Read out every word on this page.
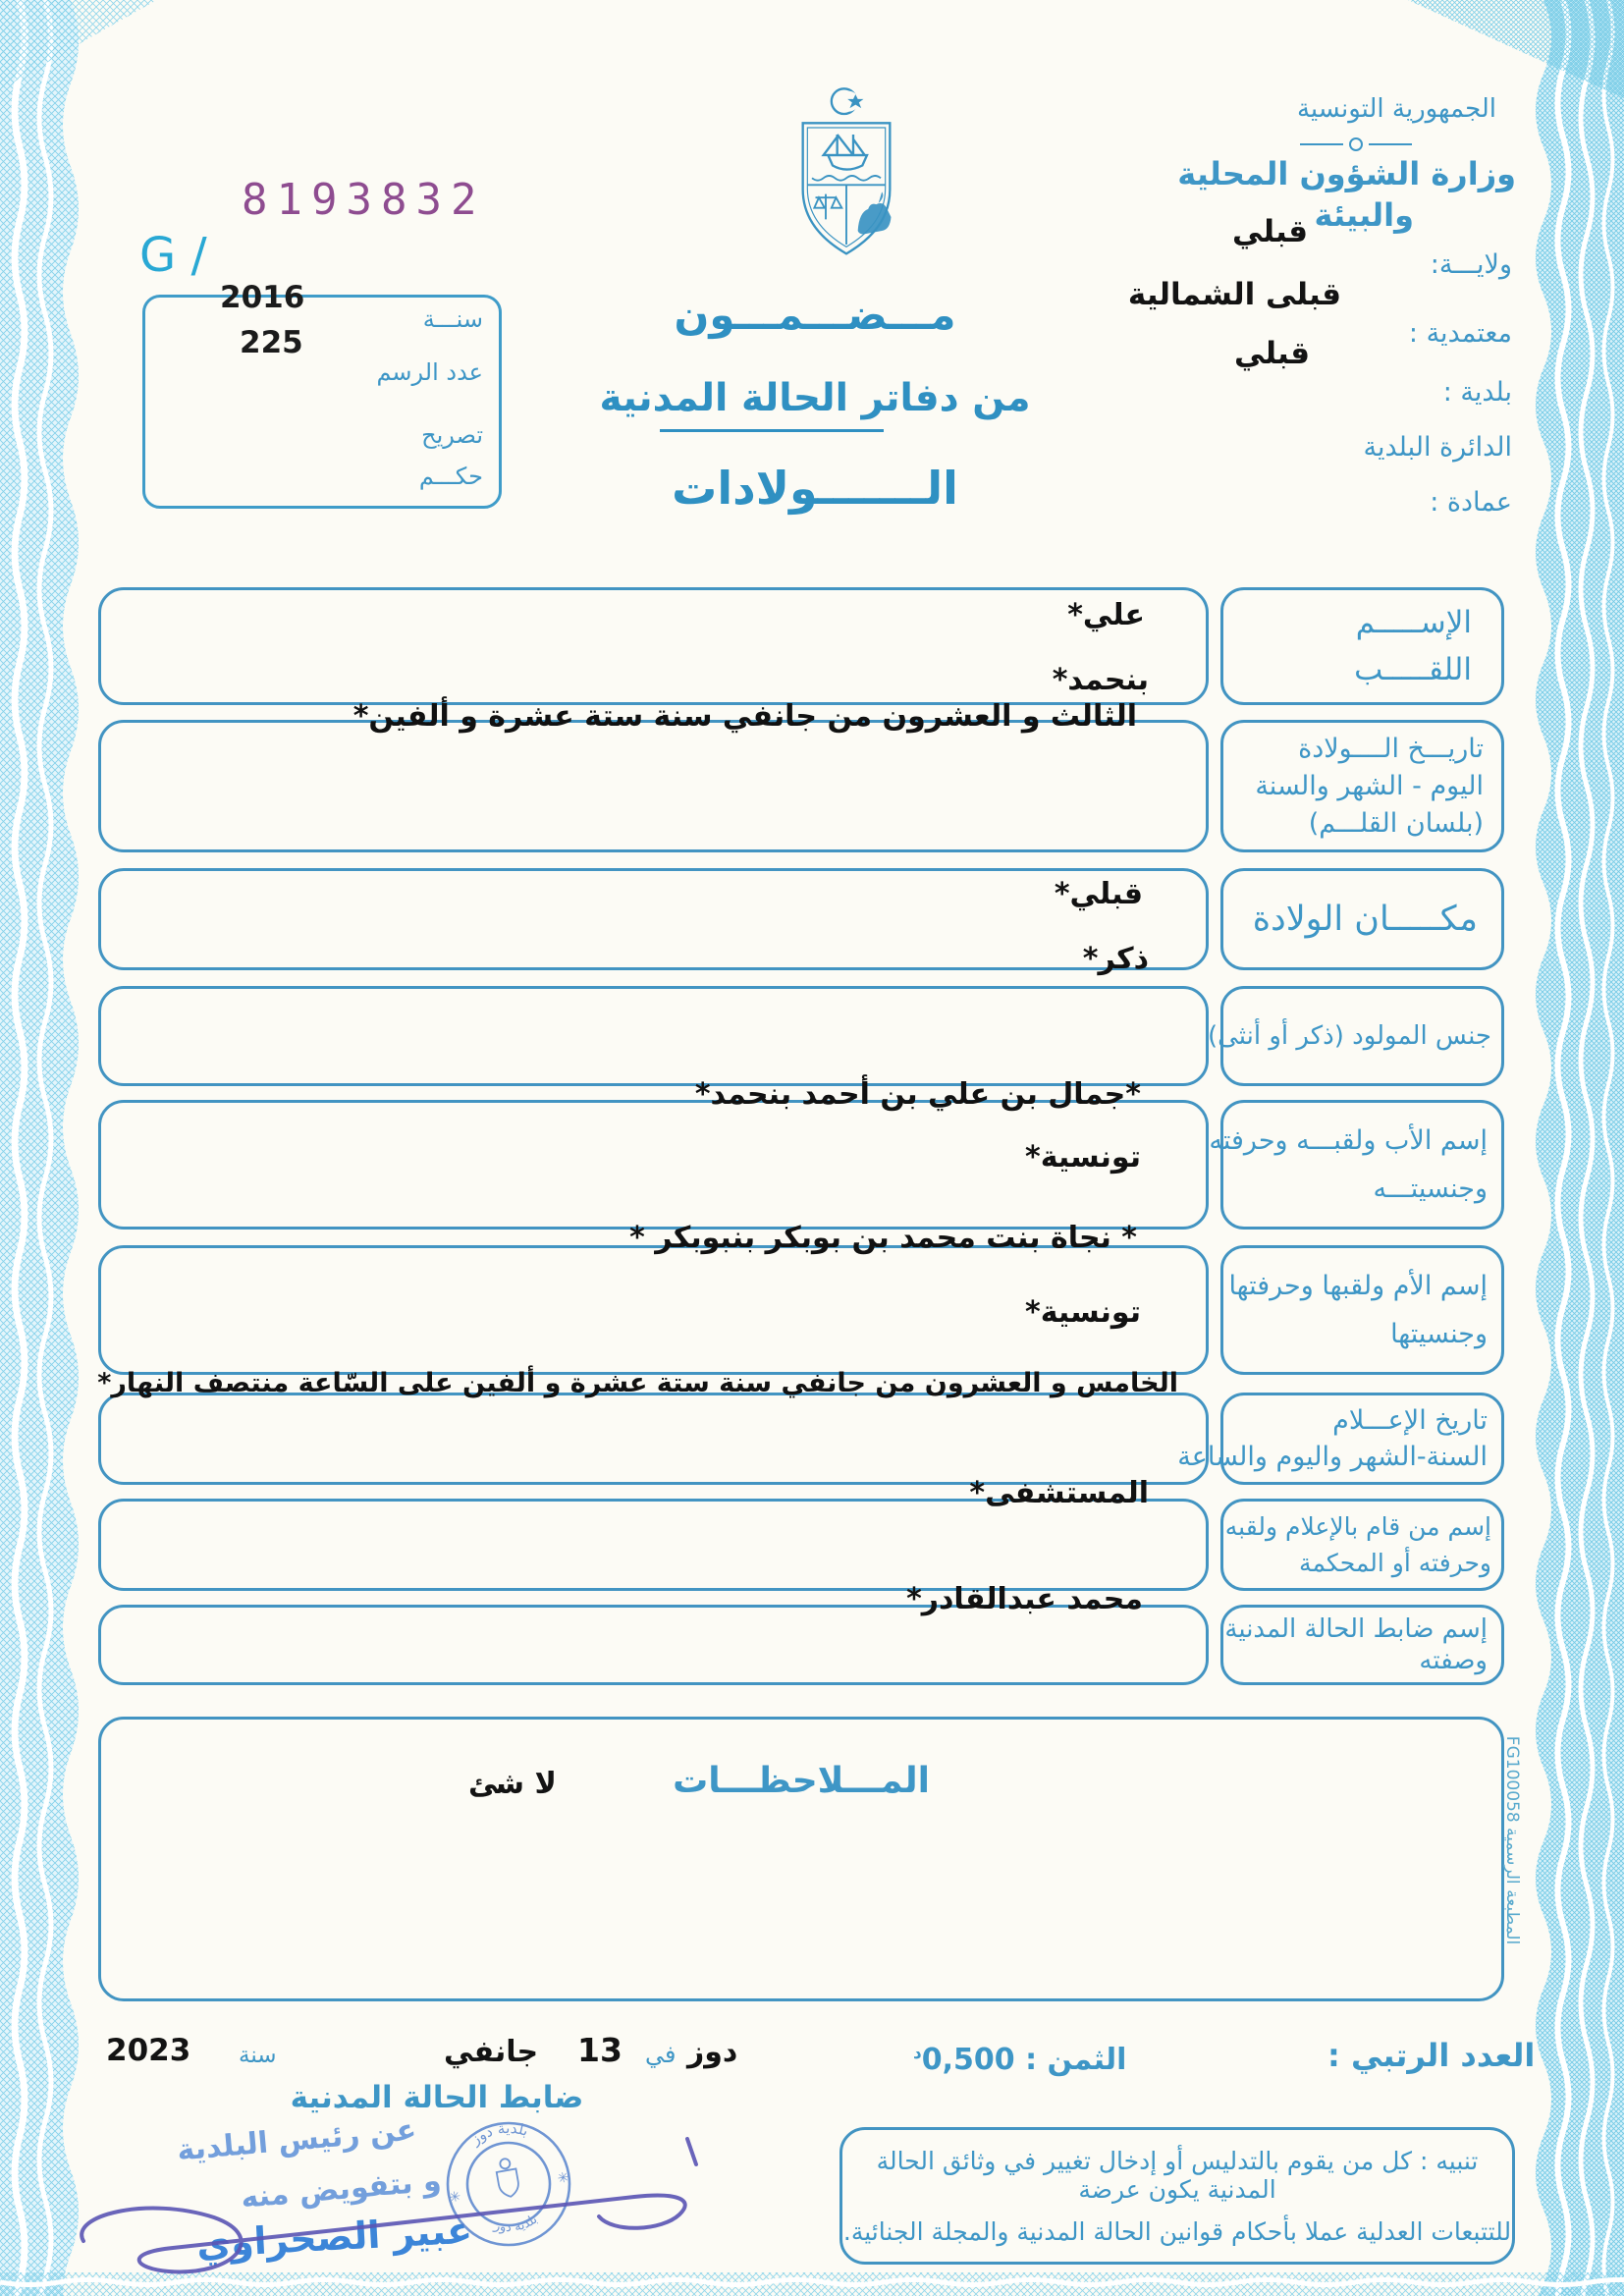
8193832
G /
2016
225
سنـــة
عدد الرسم
تصريح
حكـــم
مـــضـــمـــون
من دفاتر الحالة المدنية
الـــــــولادات
الجمهورية التونسية
وزارة الشؤون المحلية
والبيئة
قبلي
ولايـــة:
قبلى الشمالية
معتمدية :
قبلي
بلدية :
الدائرة البلدية
عمادة :
علي*
بنحمد*
الإســـــم
اللقـــــب
الثالث و العشرون من جانفي سنة ستة عشرة و ألفين*
تاريـــخ الــــولادة
اليوم - الشهر والسنة
(بلسان القلـــم)
قبلي*
مكـــــان الولادة
ذكر*
جنس المولود (ذكر أو أنثى)
*جمال بن علي بن أحمد بنحمد*
تونسية*	إسم الأب ولقبـــه وحرفته
وجنسيتـــه
* نجاة بنت محمد بن بوبكر بنبوبكر *
تونسية*
إسم الأم ولقبها وحرفتها
وجنسيتها
الخامس و العشرون من جانفي سنة ستة عشرة و ألفين على السّاعة منتصف النهار*
تاريخ الإعـــلام
السنة-الشهر واليوم والساعة
المستشفى*
إسم من قام بالإعلام ولقبه
وحرفته أو المحكمة
محمد عبدالقادر*
إسم ضابط الحالة المدنية
وصفته
المـــلاحظـــات
لا شئ
دوز
في
13
جانفي
سنة
2023
ضابط الحالة المدنية
عن رئيس البلدية
و بتفويض منه
عبير الصحراوي
بلدية دوز
بلدية دوز
✳
✳
العدد الرتبي :
الثمن : $0,500^د$
تنبيه : كل من يقوم بالتدليس أو إدخال تغيير في وثائق الحالة المدنية يكون عرضة
للتتبعات العدلية عملا بأحكام قوانين الحالة المدنية والمجلة الجنائية.
المطبعة الرسمية FG100058
